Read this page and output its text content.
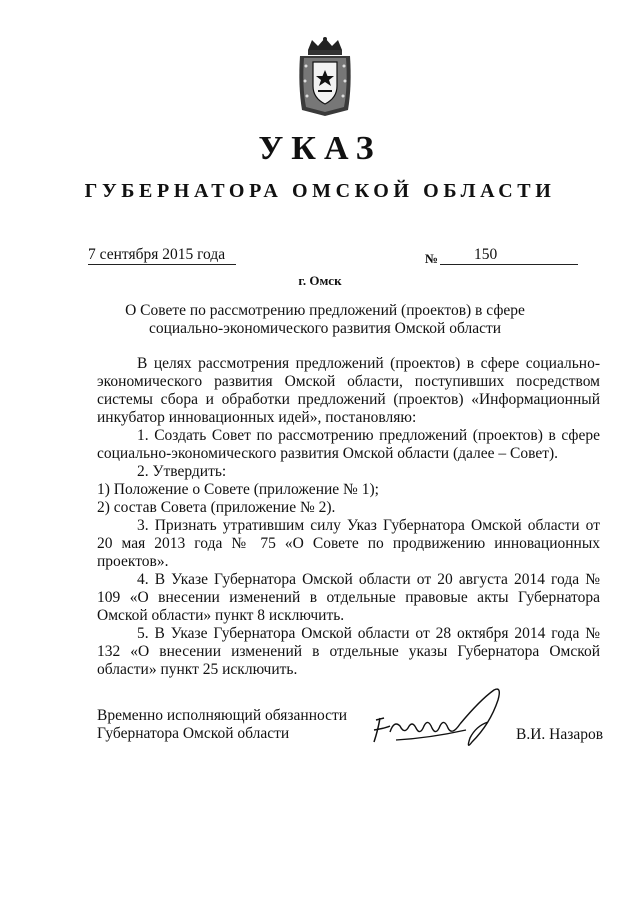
УКАЗ
ГУБЕРНАТОРА ОМСКОЙ ОБЛАСТИ
7 сентября 2015 года	№	150
г. Омск
О Совете по рассмотрению предложений (проектов) в сфере
социально-экономического развития Омской области

В целях рассмотрения предложений (проектов) в сфере социально-экономического развития Омской области, поступивших посредством системы сбора и обработки предложений (проектов) «Информационный инкубатор инновационных идей», постановляю:

1. Создать Совет по рассмотрению предложений (проектов) в сфере социально-экономического развития Омской области (далее – Совет).

2. Утвердить:

1) Положение о Совете (приложение № 1);

2) состав Совета (приложение № 2).

3. Признать утратившим силу Указ Губернатора Омской области от 20 мая 2013 года № 75 «О Совете по продвижению инновационных проектов».

4. В Указе Губернатора Омской области от 20 августа 2014 года № 109 «О внесении изменений в отдельные правовые акты Губернатора Омской области» пункт 8 исключить.

5. В Указе Губернатора Омской области от 28 октября 2014 года № 132 «О внесении изменений в отдельные указы Губернатора Омской области» пункт 25 исключить.

Временно исполняющий обязанности
Губернатора Омской области	В.И. Назаров
